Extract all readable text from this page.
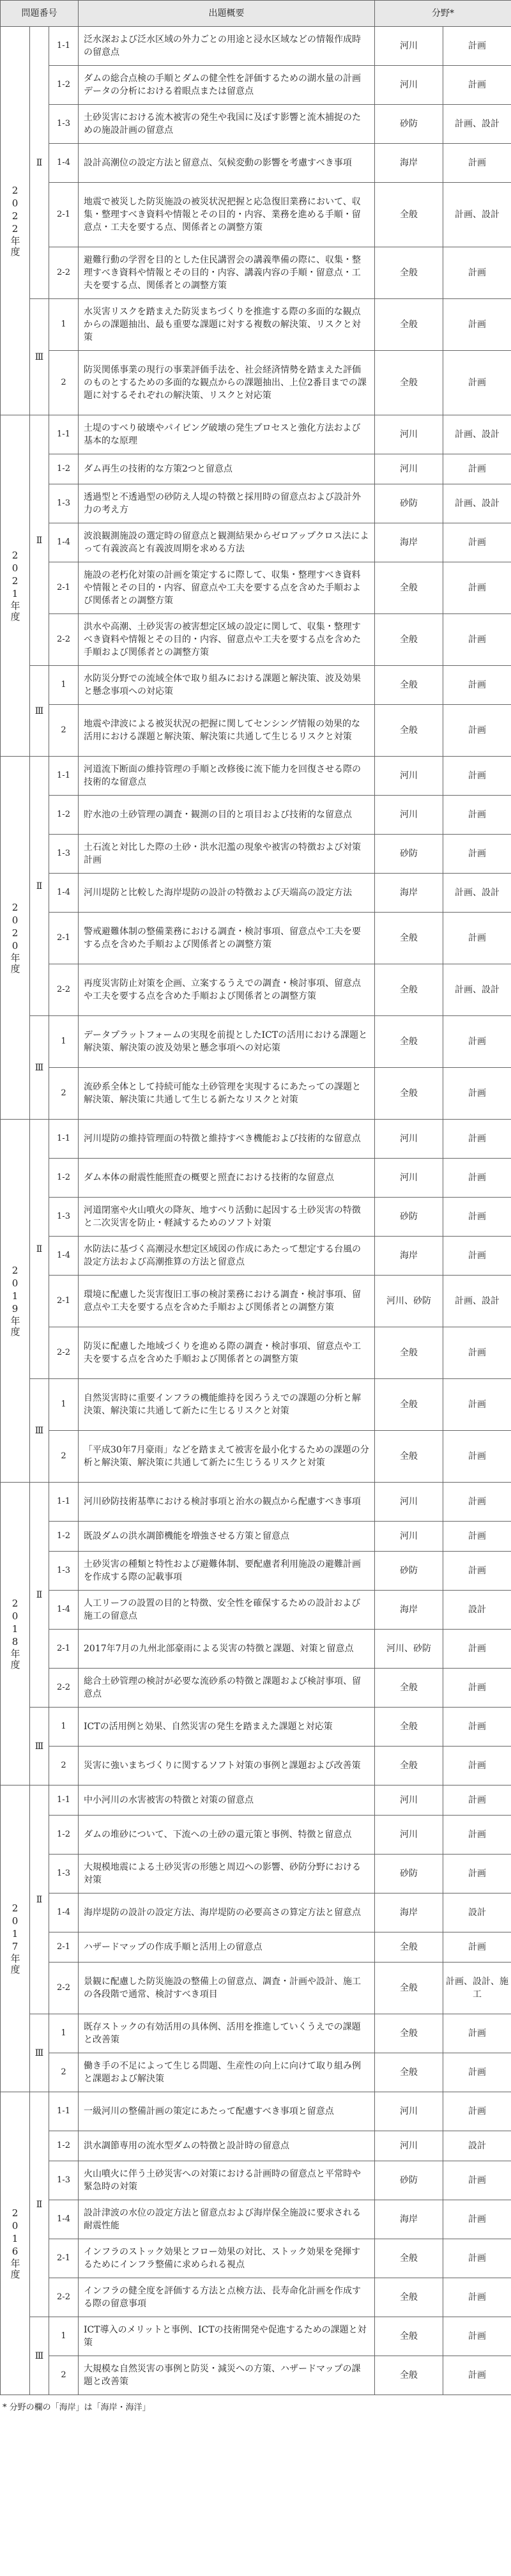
問題番号			出題概要	分野*	
2022年度	Ⅱ	1-1	泛水深および泛水区域の外力ごとの用途と浸水区域などの情報作成時の留意点	河川	計画
		1-2	ダムの総合点検の手順とダムの健全性を評価するための湖水量の計画データの分析における着眼点または留意点	河川	計画
		1-3	土砂災害における流木被害の発生や我国に及ぼす影響と流木捕捉のための施設計画の留意点	砂防	計画、設計
		1-4	設計高潮位の設定方法と留意点、気候変動の影響を考慮すべき事項	海岸	計画
		2-1	地震で被災した防災施設の被災状況把握と応急復旧業務において、収集・整理すべき資料や情報とその目的・内容、業務を進める手順・留意点・工夫を要する点、関係者との調整方策	全般	計画、設計
		2-2	避難行動の学習を目的とした住民講習会の講義準備の際に、収集・整理すべき資料や情報とその目的・内容、講義内容の手順・留意点・工夫を要する点、関係者との調整方策	全般	計画
	Ⅲ	1	水災害リスクを踏まえた防災まちづくりを推進する際の多面的な観点からの課題抽出、最も重要な課題に対する複数の解決策、リスクと対策	全般	計画
		2	防災関係事業の現行の事業評価手法を、社会経済情勢を踏まえた評価のものとするための多面的な観点からの課題抽出、上位2番目までの課題に対するそれぞれの解決策、リスクと対応策	全般	計画
2021年度	Ⅱ	1-1	土堤のすべり破壊やパイピング破壊の発生プロセスと強化方法および基本的な原理	河川	計画、設計
		1-2	ダム再生の技術的な方策2つと留意点	河川	計画
		1-3	透過型と不透過型の砂防え人堤の特徴と採用時の留意点および設計外力の考え方	砂防	計画、設計
		1-4	波浪観測施設の選定時の留意点と観測結果からゼロアップクロス法によって有義波高と有義波周期を求める方法	海岸	計画
		2-1	施設の老朽化対策の計画を策定するに際して、収集・整理すべき資料や情報とその目的・内容、留意点や工夫を要する点を含めた手順および関係者との調整方策	全般	計画
		2-2	洪水や高潮、土砂災害の被害想定区域の設定に関して、収集・整理すべき資料や情報とその目的・内容、留意点や工夫を要する点を含めた手順および関係者との調整方策	全般	計画
	Ⅲ	1	水防災分野での流域全体で取り組みにおける課題と解決策、波及効果と懸念事項への対応策	全般	計画
		2	地震や津波による被災状況の把握に関してセンシング情報の効果的な活用における課題と解決策、解決策に共通して生じるリスクと対策	全般	計画
2020年度	Ⅱ	1-1	河道流下断面の維持管理の手順と改修後に流下能力を回復させる際の技術的な留意点	河川	計画
		1-2	貯水池の土砂管理の調査・観測の目的と項目および技術的な留意点	河川	計画
		1-3	土石流と対比した際の土砂・洪水氾濫の現象や被害の特徴および対策計画	砂防	計画
		1-4	河川堤防と比較した海岸堤防の設計の特徴および天端高の設定方法	海岸	計画、設計
		2-1	警戒避難体制の整備業務における調査・検討事項、留意点や工夫を要する点を含めた手順および関係者との調整方策	全般	計画
		2-2	再度災害防止対策を企画、立案するうえでの調査・検討事項、留意点や工夫を要する点を含めた手順および関係者との調整方策	全般	計画、設計
	Ⅲ	1	データプラットフォームの実現を前提としたICTの活用における課題と解決策、解決策の波及効果と懸念事項への対応策	全般	計画
		2	流砂系全体として持続可能な土砂管理を実現するにあたっての課題と解決策、解決策に共通して生じる新たなリスクと対策	全般	計画
2019年度	Ⅱ	1-1	河川堤防の維持管理面の特徴と維持すべき機能および技術的な留意点	河川	計画
		1-2	ダム本体の耐震性能照査の概要と照査における技術的な留意点	河川	計画
		1-3	河道閉塞や火山噴火の降灰、地すべり活動に起因する土砂災害の特徴と二次災害を防止・軽減するためのソフト対策	砂防	計画
		1-4	水防法に基づく高潮浸水想定区域図の作成にあたって想定する台風の設定方法および高潮推算の方法と留意点	海岸	計画
		2-1	環境に配慮した災害復旧工事の検討業務における調査・検討事項、留意点や工夫を要する点を含めた手順および関係者との調整方策	河川、砂防	計画、設計
		2-2	防災に配慮した地域づくりを進める際の調査・検討事項、留意点や工夫を要する点を含めた手順および関係者との調整方策	全般	計画
	Ⅲ	1	自然災害時に重要インフラの機能維持を図ろうえでの課題の分析と解決策、解決策に共通して新たに生じるリスクと対策	全般	計画
		2	「平成30年7月豪雨」などを踏まえて被害を最小化するための課題の分析と解決策、解決策に共通して新たに生じうるリスクと対策	全般	計画
2018年度	Ⅱ	1-1	河川砂防技術基準における検討事項と治水の観点から配慮すべき事項	河川	計画
		1-2	既設ダムの洪水調節機能を増強させる方策と留意点	河川	計画
		1-3	土砂災害の種類と特性および避難体制、要配慮者利用施設の避難計画を作成する際の記載事項	砂防	計画
		1-4	人工リーフの設置の目的と特徴、安全性を確保するための設計および施工の留意点	海岸	設計
		2-1	2017年7月の九州北部豪雨による災害の特徴と課題、対策と留意点	河川、砂防	計画
		2-2	総合土砂管理の検討が必要な流砂系の特徴と課題および検討事項、留意点	全般	計画
	Ⅲ	1	ICTの活用例と効果、自然災害の発生を踏まえた課題と対応策	全般	計画
		2	災害に強いまちづくりに関するソフト対策の事例と課題および改善策	全般	計画
2017年度	Ⅱ	1-1	中小河川の水害被害の特徴と対策の留意点	河川	計画
		1-2	ダムの堆砂について、下流への土砂の還元策と事例、特徴と留意点	河川	計画
		1-3	大規模地震による土砂災害の形態と周辺への影響、砂防分野における対策	砂防	計画
		1-4	海岸堤防の設計の設定方法、海岸堤防の必要高さの算定方法と留意点	海岸	設計
		2-1	ハザードマップの作成手順と活用上の留意点	全般	計画
		2-2	景観に配慮した防災施設の整備上の留意点、調査・計画や設計、施工の各段階で通常、検討すべき項目	全般	計画、設計、施工
	Ⅲ	1	既存ストックの有効活用の具体例、活用を推進していくうえでの課題と改善策	全般	計画
		2	働き手の不足によって生じる問題、生産性の向上に向けて取り組み例と課題および解決策	全般	計画
2016年度	Ⅱ	1-1	一級河川の整備計画の策定にあたって配慮すべき事項と留意点	河川	計画
		1-2	洪水調節専用の流水型ダムの特徴と設計時の留意点	河川	設計
		1-3	火山噴火に伴う土砂災害への対策における計画時の留意点と平常時や緊急時の対策	砂防	計画
		1-4	設計津波の水位の設定方法と留意点および海岸保全施設に要求される耐震性能	海岸	計画
		2-1	インフラのストック効果とフロー効果の対比、ストック効果を発揮するためにインフラ整備に求められる視点	全般	計画
		2-2	インフラの健全度を評価する方法と点検方法、長寿命化計画を作成する際の留意事項	全般	計画
	Ⅲ	1	ICT導入のメリットと事例、ICTの技術開発や促進するための課題と対策	全般	計画
		2	大規模な自然災害の事例と防災・減災への方策、ハザードマップの課題と改善策	全般	計画
* 分野の欄の「海岸」は「海岸・海洋」
